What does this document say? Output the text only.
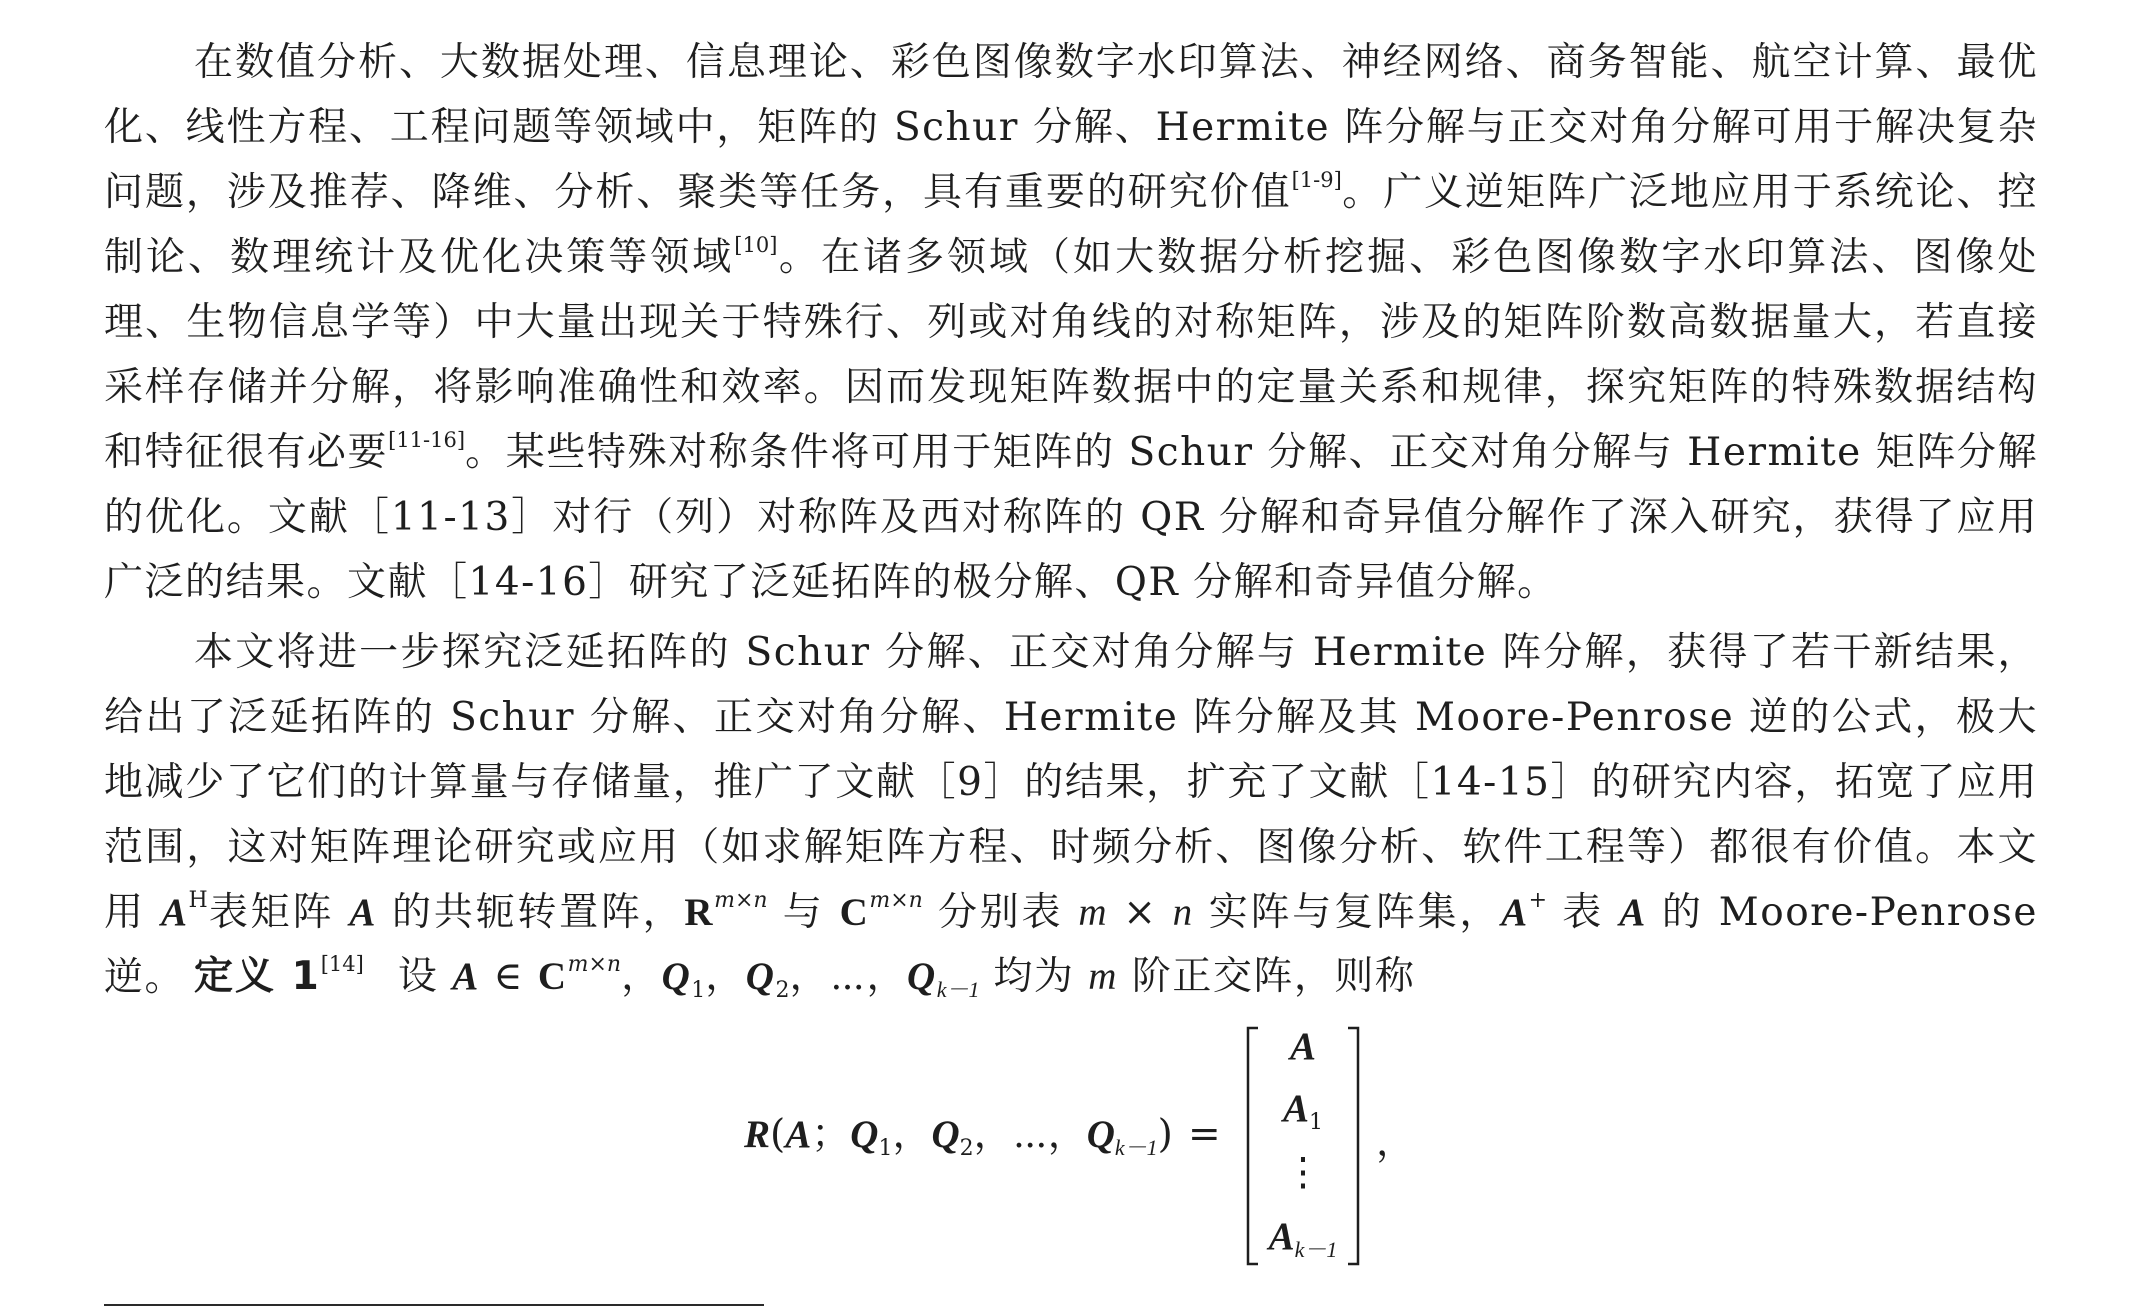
在数值分析、大数据处理、信息理论、彩色图像数字水印算法、神经网络、商务智能、航空计算、最优化、线性方程、工程问题等领域中，矩阵的 Schur 分解、Hermite 阵分解与正交对角分解可用于解决复杂问题，涉及推荐、降维、分析、聚类等任务，具有重要的研究价值[1-9]。广义逆矩阵广泛地应用于系统论、控制论、数理统计及优化决策等领域[10]。在诸多领域（如大数据分析挖掘、彩色图像数字水印算法、图像处理、生物信息学等）中大量出现关于特殊行、列或对角线的对称矩阵，涉及的矩阵阶数高数据量大，若直接采样存储并分解，将影响准确性和效率。因而发现矩阵数据中的定量关系和规律，探究矩阵的特殊数据结构和特征很有必要[11-16]。某些特殊对称条件将可用于矩阵的 Schur 分解、正交对角分解与 Hermite 矩阵分解的优化。文献［11-13］对行（列）对称阵及西对称阵的 QR 分解和奇异值分解作了深入研究，获得了应用广泛的结果。文献［14-16］研究了泛延拓阵的极分解、QR 分解和奇异值分解。

本文将进一步探究泛延拓阵的 Schur 分解、正交对角分解与 Hermite 阵分解，获得了若干新结果，给出了泛延拓阵的 Schur 分解、正交对角分解、Hermite 阵分解及其 Moore-Penrose 逆的公式，极大地减少了它们的计算量与存储量，推广了文献［9］的结果，扩充了文献［14-15］的研究内容，拓宽了应用范围，这对矩阵理论研究或应用（如求解矩阵方程、时频分析、图像分析、软件工程等）都很有价值。本文用 $A^H$表矩阵 A 的共轭转置阵，$R^{m\times n}$ 与 $C^{m\times n}$ 分别表 m × n 实阵与复阵集，A+ 表 A 的 Moore-Penrose 逆。 定义 1[14] 设 A ∈ $C^{m\times n}$，$Q_1$，$Q_2$，⋯，$Q_{k-1}$ 均为 m 阶正交阵，则称

R(A；$Q_1$，$Q_2$，⋯，$Q_{k-1}$) =
A
$A_1$
⋮
$A_{k-1}$
，
